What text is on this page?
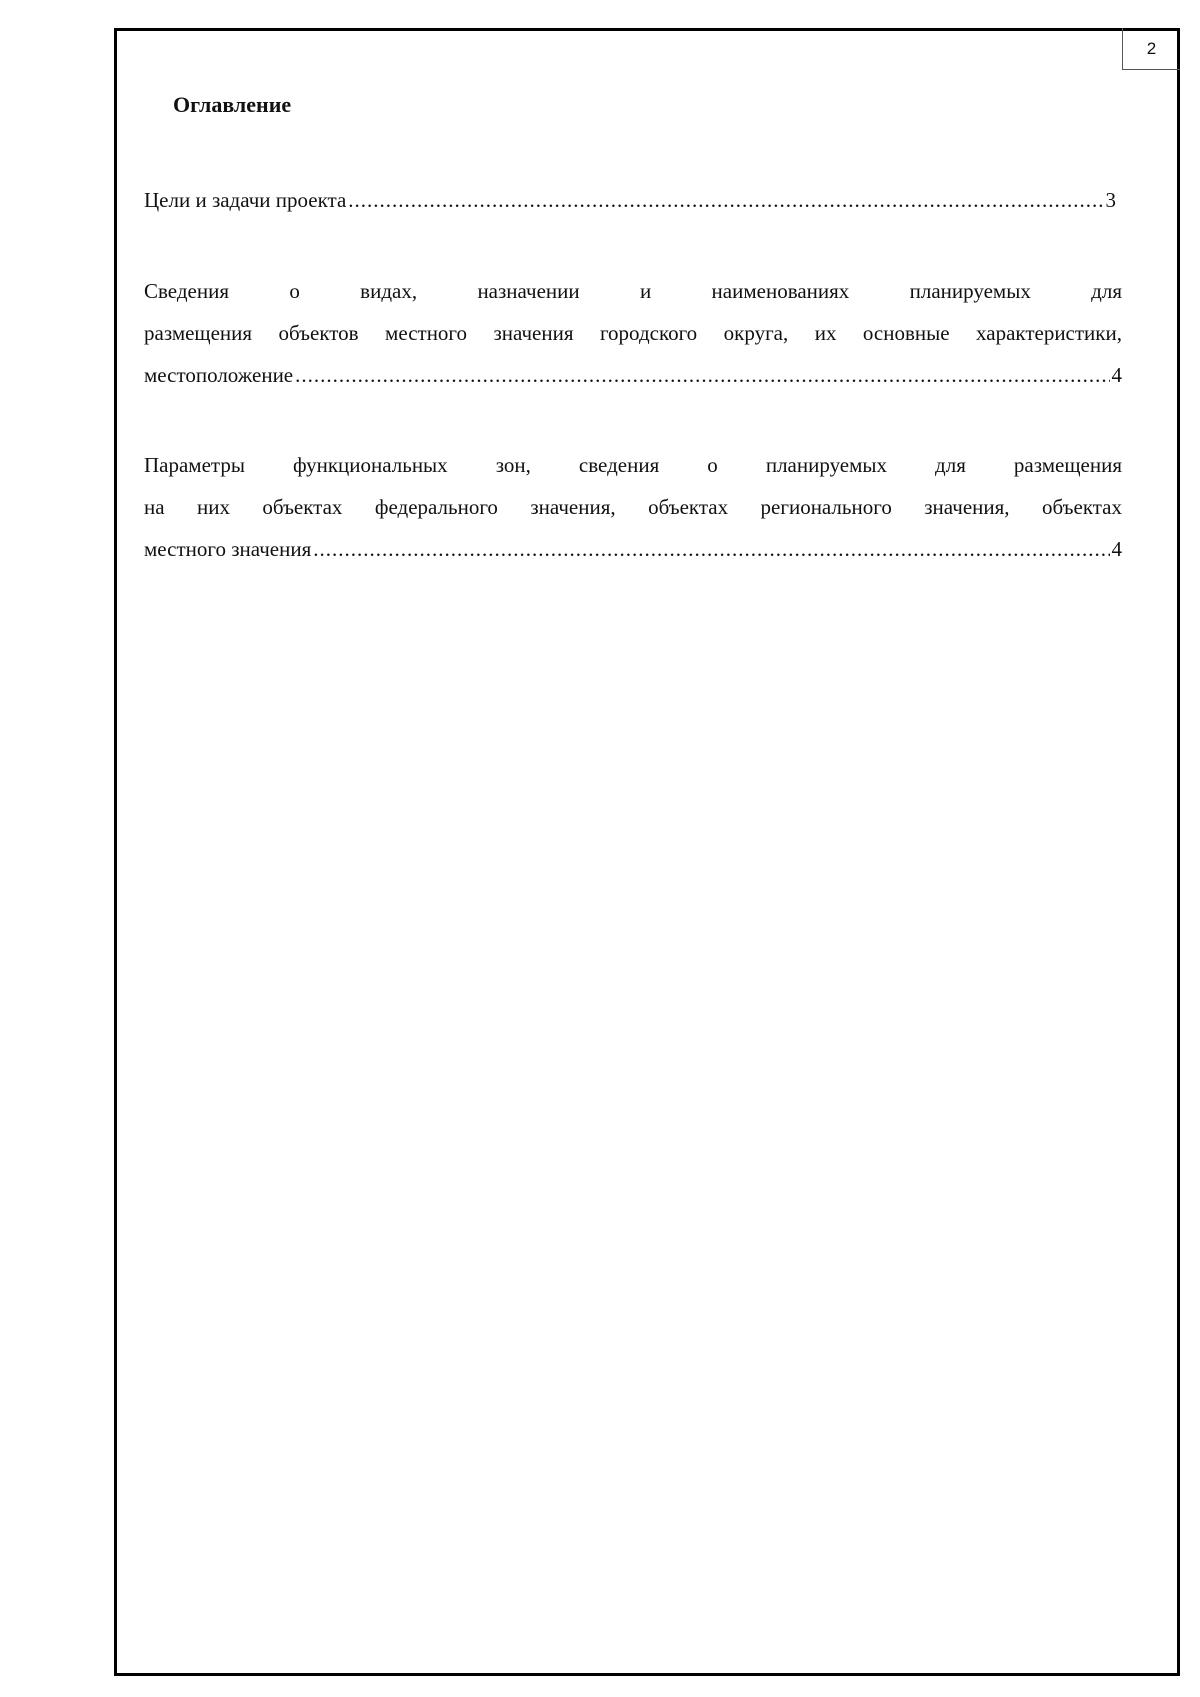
2
Оглавление
Цели и задачи проекта .....	3
Сведения о видах, назначении и наименованиях планируемых для
размещения объектов местного значения городского округа, их основные характеристики,
местоположение .....	4
Параметры функциональных зон, сведения о планируемых для размещения
на них объектах федерального значения, объектах регионального значения, объектах
местного значения .....	4
